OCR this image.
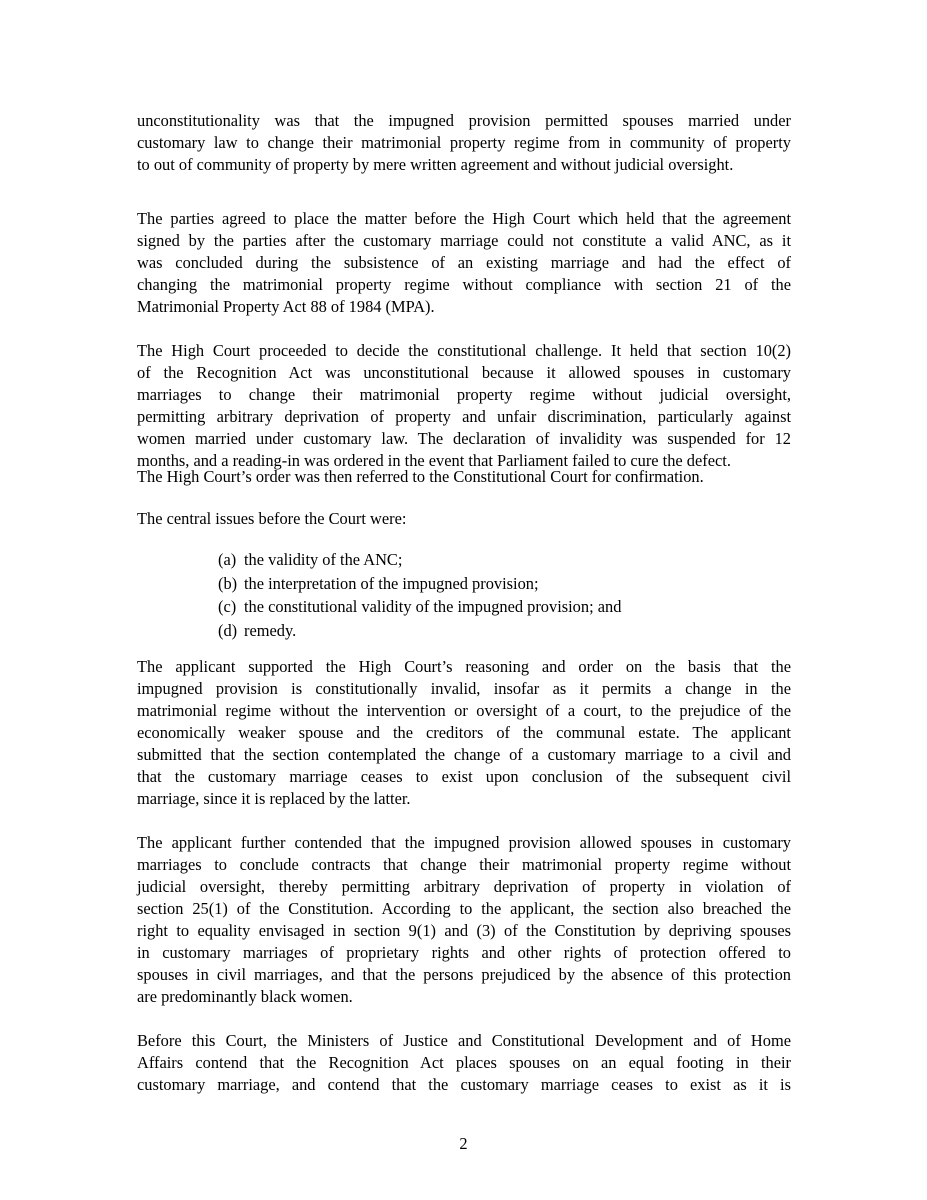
unconstitutionality was that the impugned provision permitted spouses married under
customary law to change their matrimonial property regime from in community of property
to out of community of property by mere written agreement and without judicial oversight.
The parties agreed to place the matter before the High Court which held that the agreement
signed by the parties after the customary marriage could not constitute a valid ANC, as it
was concluded during the subsistence of an existing marriage and had the effect of
changing the matrimonial property regime without compliance with section 21 of the
Matrimonial Property Act 88 of 1984 (MPA).
The High Court proceeded to decide the constitutional challenge. It held that section 10(2)
of the Recognition Act was unconstitutional because it allowed spouses in customary
marriages to change their matrimonial property regime without judicial oversight,
permitting arbitrary deprivation of property and unfair discrimination, particularly against
women married under customary law. The declaration of invalidity was suspended for 12
months, and a reading-in was ordered in the event that Parliament failed to cure the defect.
The High Court’s order was then referred to the Constitutional Court for confirmation.
The central issues before the Court were:
(a) the validity of the ANC;
(b) the interpretation of the impugned provision;
(c) the constitutional validity of the impugned provision; and
(d) remedy.
The applicant supported the High Court’s reasoning and order on the basis that the
impugned provision is constitutionally invalid, insofar as it permits a change in the
matrimonial regime without the intervention or oversight of a court, to the prejudice of the
economically weaker spouse and the creditors of the communal estate. The applicant
submitted that the section contemplated the change of a customary marriage to a civil and
that the customary marriage ceases to exist upon conclusion of the subsequent civil
marriage, since it is replaced by the latter.
The applicant further contended that the impugned provision allowed spouses in customary
marriages to conclude contracts that change their matrimonial property regime without
judicial oversight, thereby permitting arbitrary deprivation of property in violation of
section 25(1) of the Constitution. According to the applicant, the section also breached the
right to equality envisaged in section 9(1) and (3) of the Constitution by depriving spouses
in customary marriages of proprietary rights and other rights of protection offered to
spouses in civil marriages, and that the persons prejudiced by the absence of this protection
are predominantly black women.
Before this Court, the Ministers of Justice and Constitutional Development and of Home
Affairs contend that the Recognition Act places spouses on an equal footing in their
customary marriage, and contend that the customary marriage ceases to exist as it is
2
